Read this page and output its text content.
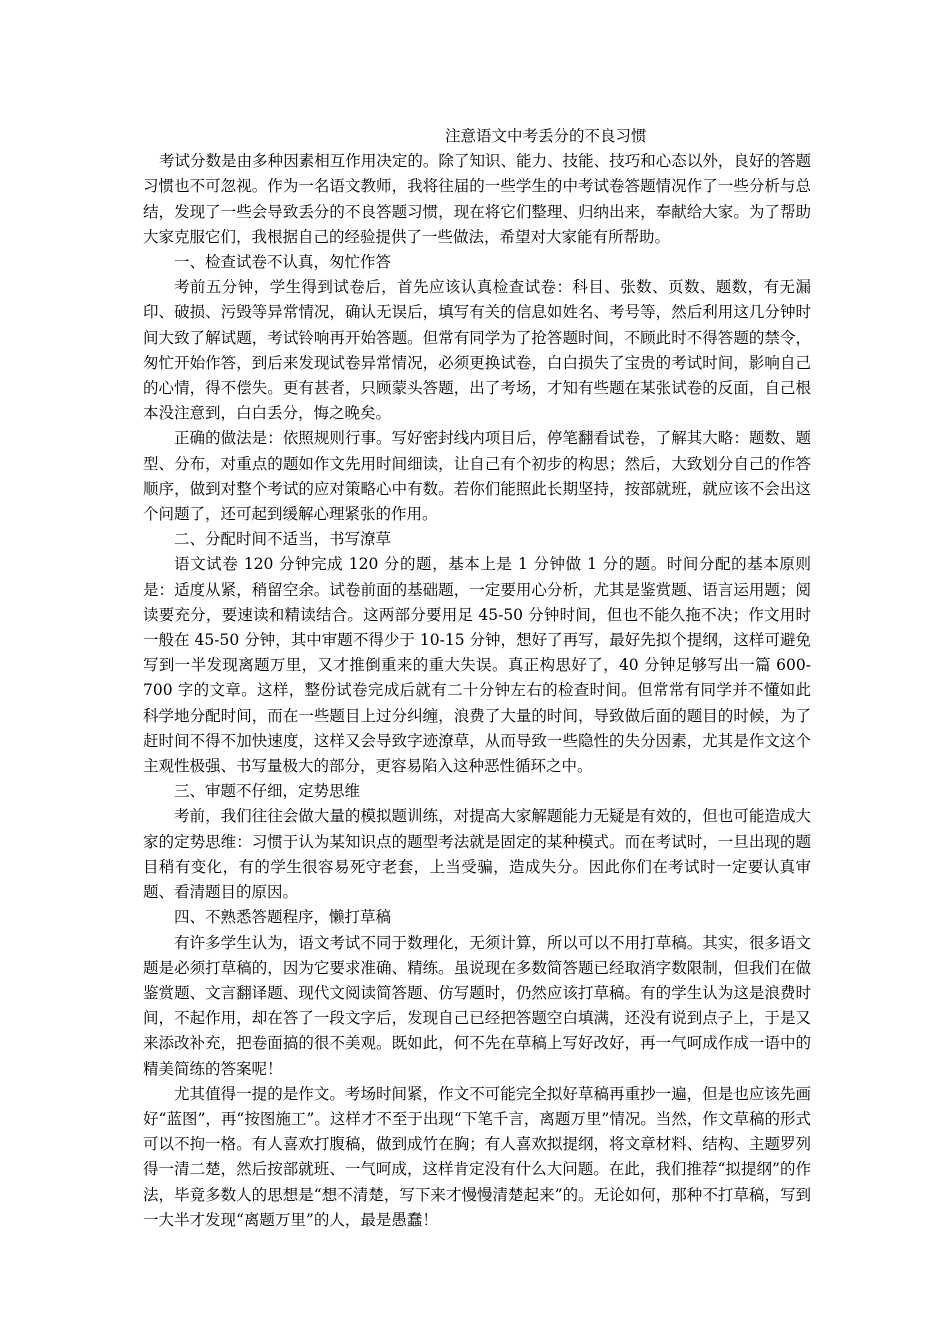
注意语文中考丢分的不良习惯

考试分数是由多种因素相互作用决定的。除了知识、能力、技能、技巧和心态以外，良好的答题习惯也不可忽视。作为一名语文教师，我将往届的一些学生的中考试卷答题情况作了一些分析与总结，发现了一些会导致丢分的不良答题习惯，现在将它们整理、归纳出来，奉献给大家。为了帮助大家克服它们，我根据自己的经验提供了一些做法，希望对大家能有所帮助。

一、检查试卷不认真，匆忙作答

考前五分钟，学生得到试卷后，首先应该认真检查试卷：科目、张数、页数、题数，有无漏印、破损、污毁等异常情况，确认无误后，填写有关的信息如姓名、考号等，然后利用这几分钟时间大致了解试题，考试铃响再开始答题。但常有同学为了抢答题时间，不顾此时不得答题的禁令，匆忙开始作答，到后来发现试卷异常情况，必须更换试卷，白白损失了宝贵的考试时间，影响自己的心情，得不偿失。更有甚者，只顾蒙头答题，出了考场，才知有些题在某张试卷的反面，自己根本没注意到，白白丢分，悔之晚矣。

正确的做法是：依照规则行事。写好密封线内项目后，停笔翻看试卷，了解其大略：题数、题型、分布，对重点的题如作文先用时间细读，让自己有个初步的构思；然后，大致划分自己的作答顺序，做到对整个考试的应对策略心中有数。若你们能照此长期坚持，按部就班，就应该不会出这个问题了，还可起到缓解心理紧张的作用。

二、分配时间不适当，书写潦草

语文试卷 120 分钟完成 120 分的题，基本上是 1 分钟做 1 分的题。时间分配的基本原则是：适度从紧，稍留空余。试卷前面的基础题，一定要用心分析，尤其是鉴赏题、语言运用题；阅读要充分，要速读和精读结合。这两部分要用足 45-50 分钟时间，但也不能久拖不决；作文用时一般在 45-50 分钟，其中审题不得少于 10-15 分钟，想好了再写，最好先拟个提纲，这样可避免写到一半发现离题万里，又才推倒重来的重大失误。真正构思好了，40 分钟足够写出一篇 600-700 字的文章。这样，整份试卷完成后就有二十分钟左右的检查时间。但常常有同学并不懂如此科学地分配时间，而在一些题目上过分纠缠，浪费了大量的时间，导致做后面的题目的时候，为了赶时间不得不加快速度，这样又会导致字迹潦草，从而导致一些隐性的失分因素，尤其是作文这个主观性极强、书写量极大的部分，更容易陷入这种恶性循环之中。

三、审题不仔细，定势思维

考前，我们往往会做大量的模拟题训练，对提高大家解题能力无疑是有效的，但也可能造成大家的定势思维：习惯于认为某知识点的题型考法就是固定的某种模式。而在考试时，一旦出现的题目稍有变化，有的学生很容易死守老套，上当受骗，造成失分。因此你们在考试时一定要认真审题、看清题目的原因。

四、不熟悉答题程序，懒打草稿

有许多学生认为，语文考试不同于数理化，无须计算，所以可以不用打草稿。其实，很多语文题是必须打草稿的，因为它要求准确、精练。虽说现在多数简答题已经取消字数限制，但我们在做鉴赏题、文言翻译题、现代文阅读简答题、仿写题时，仍然应该打草稿。有的学生认为这是浪费时间，不起作用，却在答了一段文字后，发现自己已经把答题空白填满，还没有说到点子上，于是又来添改补充，把卷面搞的很不美观。既如此，何不先在草稿上写好改好，再一气呵成作成一语中的精美简练的答案呢！

尤其值得一提的是作文。考场时间紧，作文不可能完全拟好草稿再重抄一遍，但是也应该先画好“蓝图”，再“按图施工”。这样才不至于出现“下笔千言，离题万里”情况。当然，作文草稿的形式可以不拘一格。有人喜欢打腹稿，做到成竹在胸；有人喜欢拟提纲，将文章材料、结构、主题罗列得一清二楚，然后按部就班、一气呵成，这样肯定没有什么大问题。在此，我们推荐“拟提纲”的作法，毕竟多数人的思想是“想不清楚，写下来才慢慢清楚起来”的。无论如何，那种不打草稿，写到一大半才发现“离题万里”的人，最是愚蠢！
